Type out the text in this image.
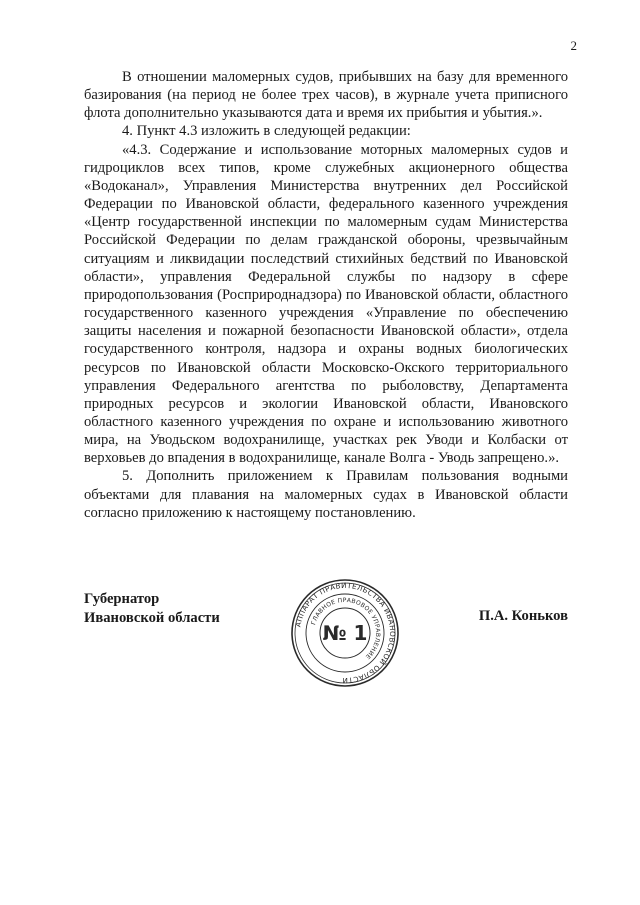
2

В отношении маломерных судов, прибывших на базу для временного базирования (на период не более трех часов), в журнале учета приписного флота дополнительно указываются дата и время их прибытия и убытия.».

4. Пункт 4.3 изложить в следующей редакции:

«4.3. Содержание и использование моторных маломерных судов и гидроциклов всех типов, кроме служебных акционерного общества «Водоканал», Управления Министерства внутренних дел Российской Федерации по Ивановской области, федерального казенного учреждения «Центр государственной инспекции по маломерным судам Министерства Российской Федерации по делам гражданской обороны, чрезвычайным ситуациям и ликвидации последствий стихийных бедствий по Ивановской области», управления Федеральной службы по надзору в сфере природопользования (Росприроднадзора) по Ивановской области, областного государственного казенного учреждения «Управление по обеспечению защиты населения и пожарной безопасности Ивановской области», отдела государственного контроля, надзора и охраны водных биологических ресурсов по Ивановской области Московско-Окского территориального управления Федерального агентства по рыболовству, Департамента природных ресурсов и экологии Ивановской области, Ивановского областного казенного учреждения по охране и использованию животного мира, на Уводьском водохранилище, участках рек Уводи и Колбаски от верховьев до впадения в водохранилище, канале Волга - Уводь запрещено.».

5. Дополнить приложением к Правилам пользования водными объектами для плавания на маломерных судах в Ивановской области согласно приложению к настоящему постановлению.

Губернатор
Ивановской области	П.А. Коньков
АППАРАТ ПРАВИТЕЛЬСТВА ИВАНОВСКОЙ ОБЛАСТИ
ГЛАВНОЕ ПРАВОВОЕ УПРАВЛЕНИЕ
№ 1
